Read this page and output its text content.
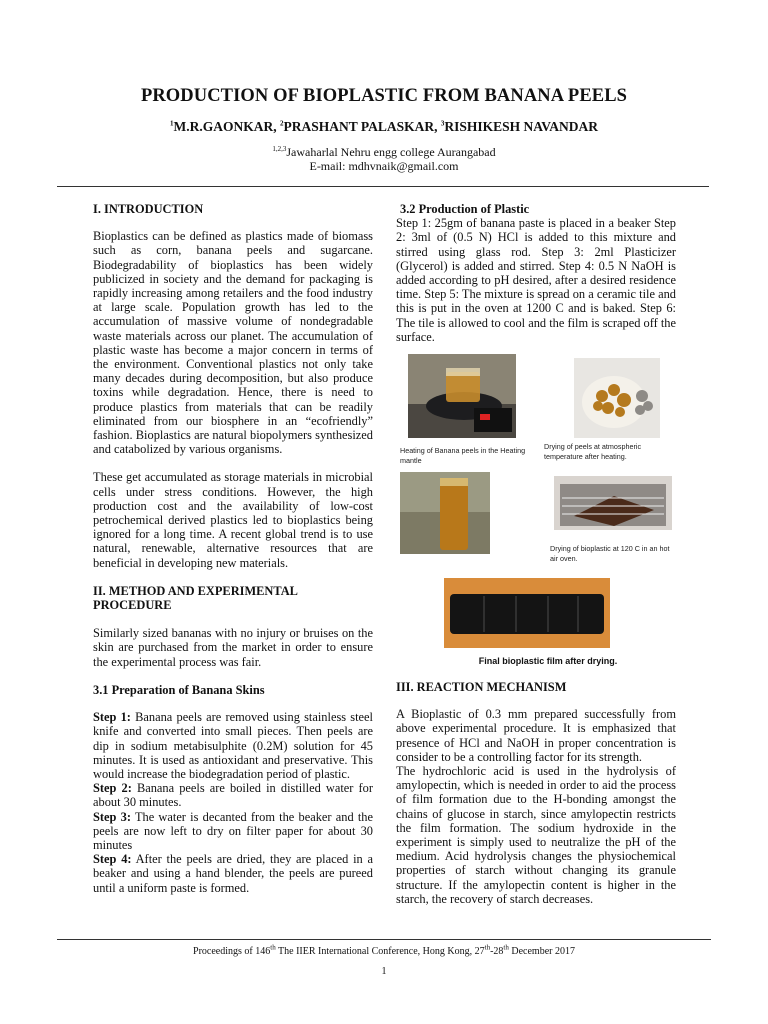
PRODUCTION OF BIOPLASTIC FROM BANANA PEELS
$^1$M.R.GAONKAR, $^2$PRASHANT PALASKAR, $^3$RISHIKESH NAVANDAR
$^{1,2,3}$Jawaharlal Nehru engg college Aurangabad
E-mail: mdhvnaik@gmail.com

I. INTRODUCTION

Bioplastics can be defined as plastics made of biomass such as corn, banana peels and sugarcane. Biodegradability of bioplastics has been widely publicized in society and the demand for packaging is rapidly increasing among retailers and the food industry at large scale. Population growth has led to the accumulation of massive volume of nondegradable waste materials across our planet. The accumulation of plastic waste has become a major concern in terms of the environment. Conventional plastics not only take many decades during decomposition, but also produce toxins while degradation. Hence, there is need to produce plastics from materials that can be readily eliminated from our biosphere in an “ecofriendly” fashion. Bioplastics are natural biopolymers synthesized and catabolized by various organisms.

These get accumulated as storage materials in microbial cells under stress conditions. However, the high production cost and the availability of low-cost petrochemical derived plastics led to bioplastics being ignored for a long time. A recent global trend is to use natural, renewable, alternative resources that are beneficial in developing new materials.

II. METHOD AND EXPERIMENTAL PROCEDURE

Similarly sized bananas with no injury or bruises on the skin are purchased from the market in order to ensure the experimental process was fair.

3.1 Preparation of Banana Skins

Step 1: Banana peels are removed using stainless steel knife and converted into small pieces. Then peels are dip in sodium metabisulphite (0.2M) solution for 45 minutes. It is used as antioxidant and preservative. This would increase the biodegradation period of plastic.

Step 2: Banana peels are boiled in distilled water for about 30 minutes.

Step 3: The water is decanted from the beaker and the peels are now left to dry on filter paper for about 30 minutes

Step 4: After the peels are dried, they are placed in a beaker and using a hand blender, the peels are pureed until a uniform paste is formed.

3.2 Production of Plastic

Step 1: 25gm of banana paste is placed in a beaker Step 2: 3ml of (0.5 N) HCl is added to this mixture and stirred using glass rod. Step 3: 2ml Plasticizer (Glycerol) is added and stirred. Step 4: 0.5 N NaOH is added according to pH desired, after a desired residence time. Step 5: The mixture is spread on a ceramic tile and this is put in the oven at 1200 C and is baked. Step 6: The tile is allowed to cool and the film is scraped off the surface.

Heating of Banana peels in the Heating mantle
Drying of peels at atmospheric temperature after heating.
Drying of bioplastic at 120 C in an hot air oven.
Final bioplastic film after drying.

III. REACTION MECHANISM

A Bioplastic of 0.3 mm prepared successfully from above experimental procedure. It is emphasized that presence of HCl and NaOH in proper concentration is consider to be a controlling factor for its strength.

The hydrochloric acid is used in the hydrolysis of amylopectin, which is needed in order to aid the process of film formation due to the H-bonding amongst the chains of glucose in starch, since amylopectin restricts the film formation. The sodium hydroxide in the experiment is simply used to neutralize the pH of the medium. Acid hydrolysis changes the physiochemical properties of starch without changing its granule structure. If the amylopectin content is higher in the starch, the recovery of starch decreases.

Proceedings of 146th The IIER International Conference, Hong Kong, 27th-28th December 2017
1
